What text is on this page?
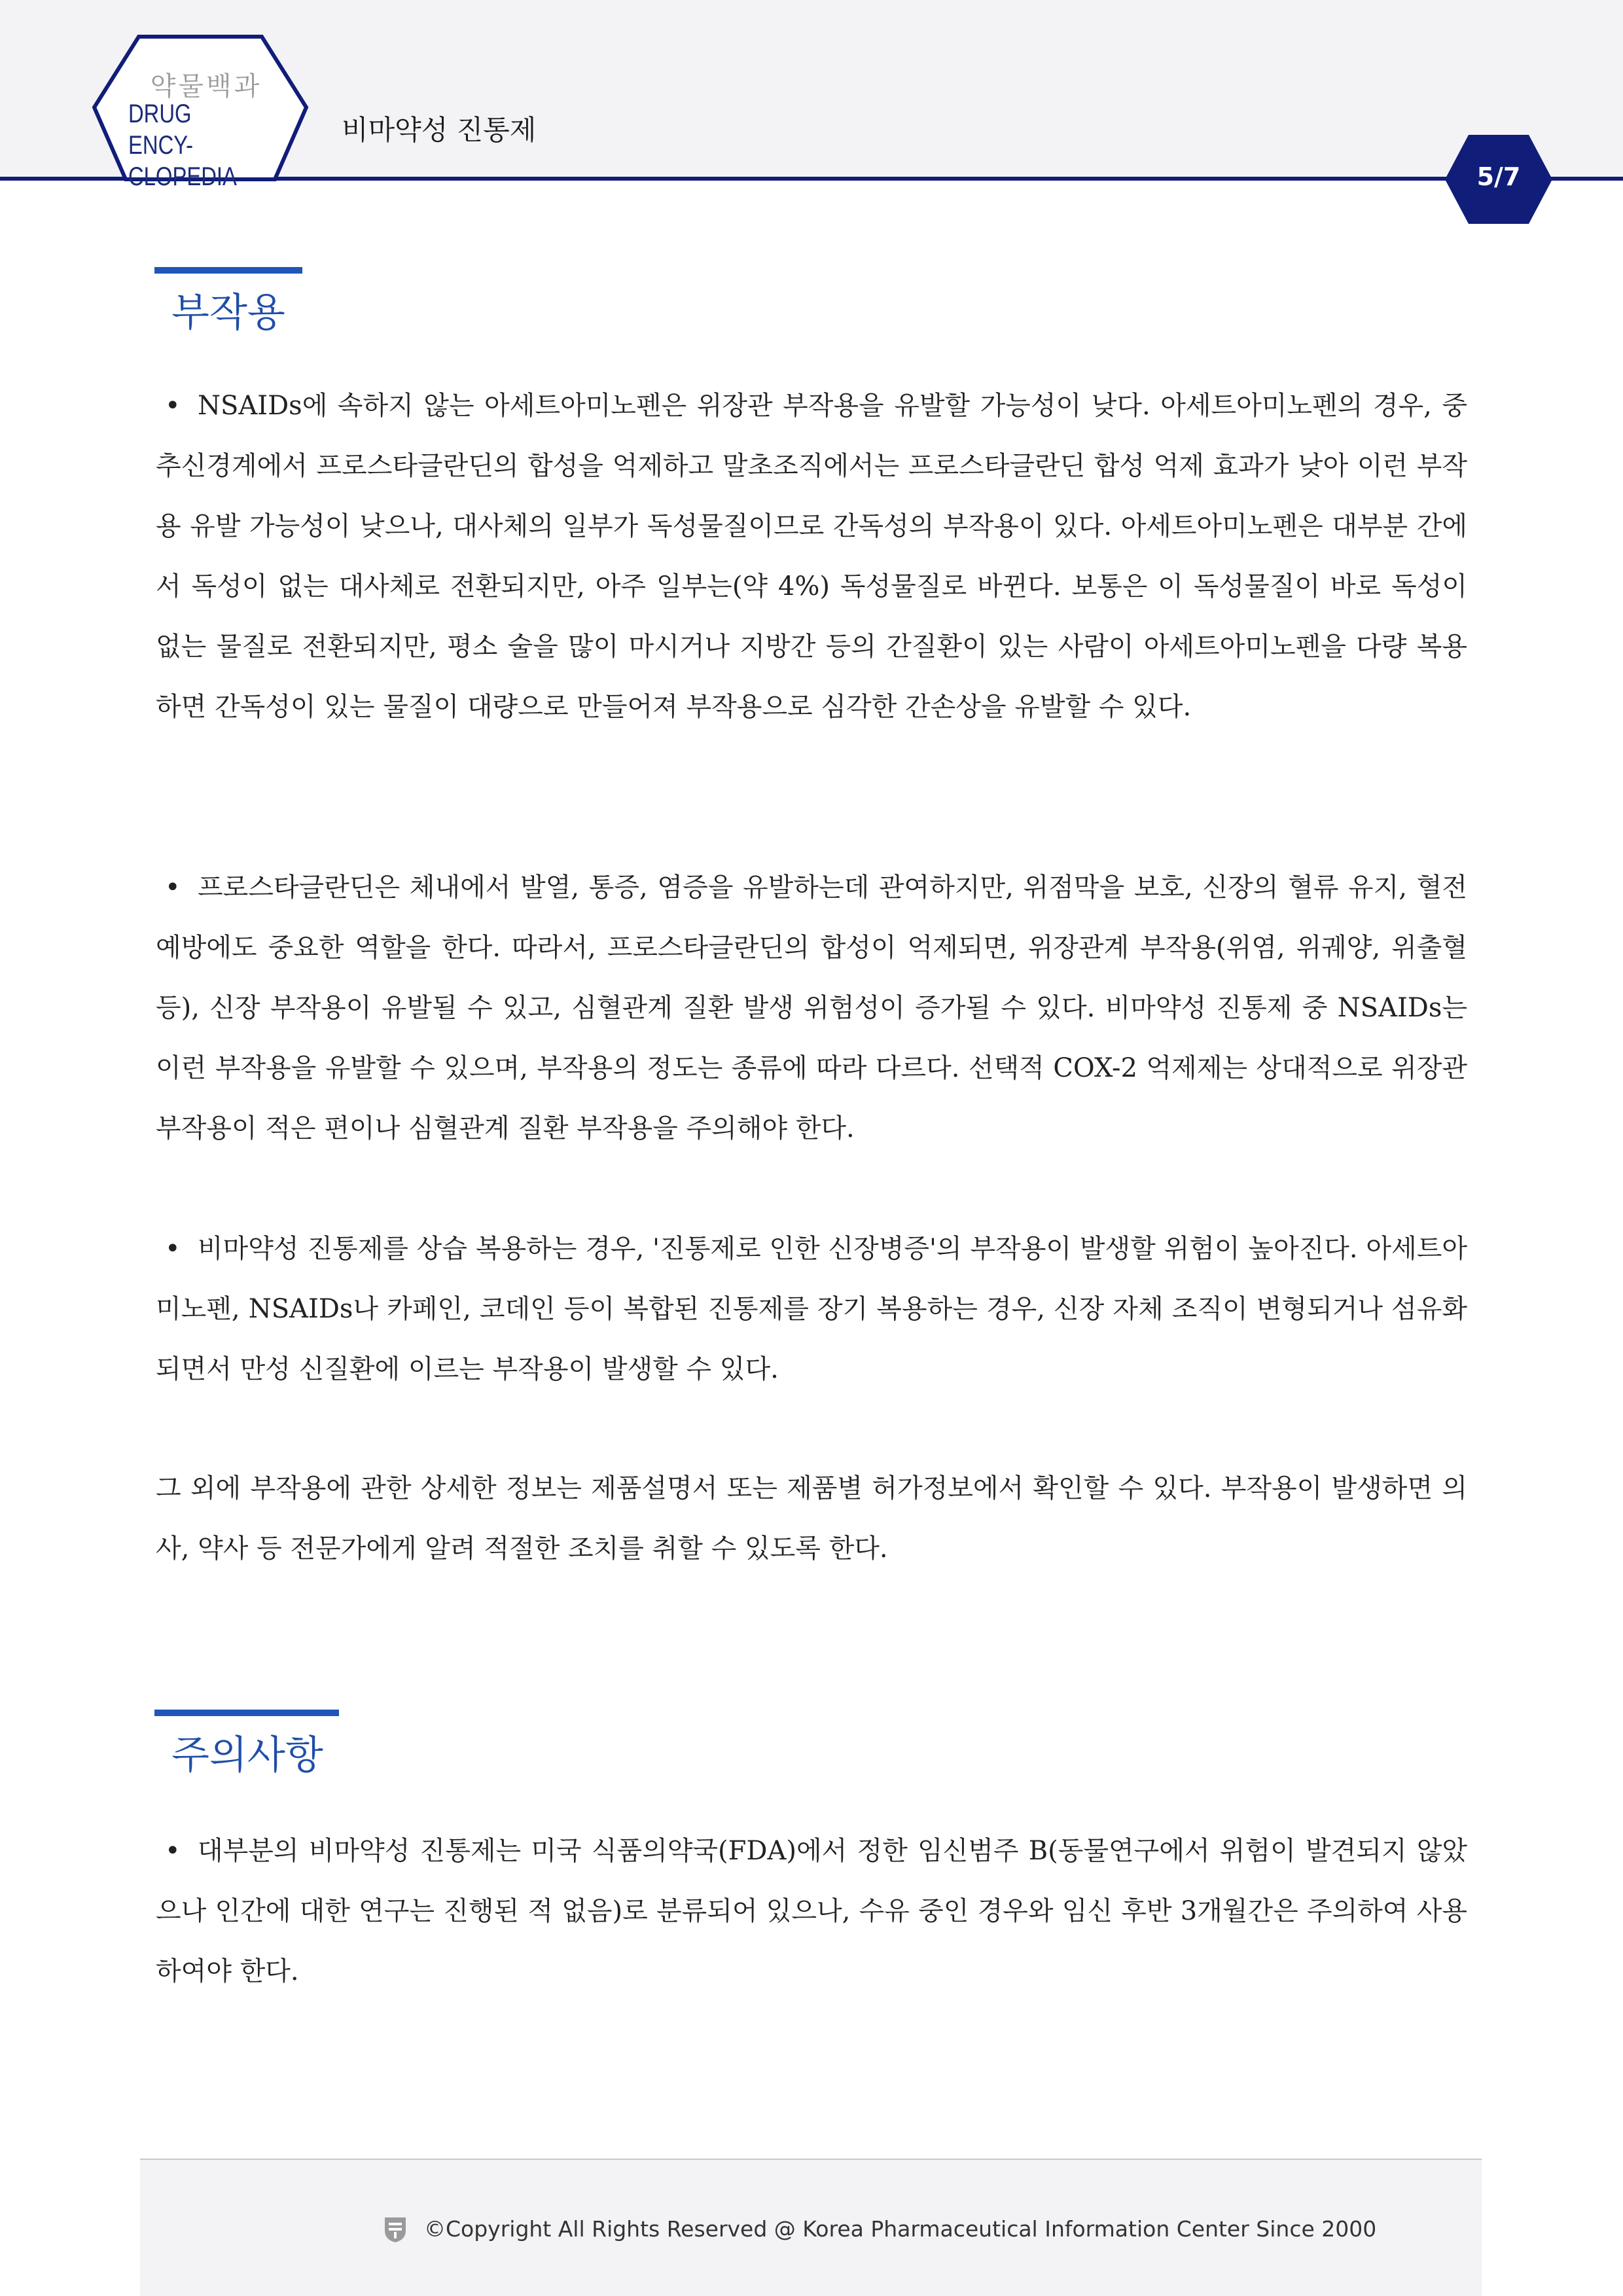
약물백과
DRUG ENCY-
CLOPEDIA
비마약성 진통제
5/7
부작용

• NSAIDs에 속하지 않는 아세트아미노펜은 위장관 부작용을 유발할 가능성이 낮다. 아세트아미노펜의 경우, 중추신경계에서 프로스타글란딘의 합성을 억제하고 말초조직에서는 프로스타글란딘 합성 억제 효과가 낮아 이런 부작용 유발 가능성이 낮으나, 대사체의 일부가 독성물질이므로 간독성의 부작용이 있다. 아세트아미노펜은 대부분 간에서 독성이 없는 대사체로 전환되지만, 아주 일부는(약 4%) 독성물질로 바뀐다. 보통은 이 독성물질이 바로 독성이 없는 물질로 전환되지만, 평소 술을 많이 마시거나 지방간 등의 간질환이 있는 사람이 아세트아미노펜을 다량 복용하면 간독성이 있는 물질이 대량으로 만들어져 부작용으로 심각한 간손상을 유발할 수 있다.

• 프로스타글란딘은 체내에서 발열, 통증, 염증을 유발하는데 관여하지만, 위점막을 보호, 신장의 혈류 유지, 혈전 예방에도 중요한 역할을 한다. 따라서, 프로스타글란딘의 합성이 억제되면, 위장관계 부작용(위염, 위궤양, 위출혈 등), 신장 부작용이 유발될 수 있고, 심혈관계 질환 발생 위험성이 증가될 수 있다. 비마약성 진통제 중 NSAIDs는 이런 부작용을 유발할 수 있으며, 부작용의 정도는 종류에 따라 다르다. 선택적 COX-2 억제제는 상대적으로 위장관 부작용이 적은 편이나 심혈관계 질환 부작용을 주의해야 한다.

• 비마약성 진통제를 상습 복용하는 경우, '진통제로 인한 신장병증'의 부작용이 발생할 위험이 높아진다. 아세트아미노펜, NSAIDs나 카페인, 코데인 등이 복합된 진통제를 장기 복용하는 경우, 신장 자체 조직이 변형되거나 섬유화되면서 만성 신질환에 이르는 부작용이 발생할 수 있다.

그 외에 부작용에 관한 상세한 정보는 제품설명서 또는 제품별 허가정보에서 확인할 수 있다. 부작용이 발생하면 의사, 약사 등 전문가에게 알려 적절한 조치를 취할 수 있도록 한다.

주의사항

• 대부분의 비마약성 진통제는 미국 식품의약국(FDA)에서 정한 임신범주 B(동물연구에서 위험이 발견되지 않았으나 인간에 대한 연구는 진행된 적 없음)로 분류되어 있으나, 수유 중인 경우와 임신 후반 3개월간은 주의하여 사용하여야 한다.

©Copyright All Rights Reserved @ Korea Pharmaceutical Information Center Since 2000
